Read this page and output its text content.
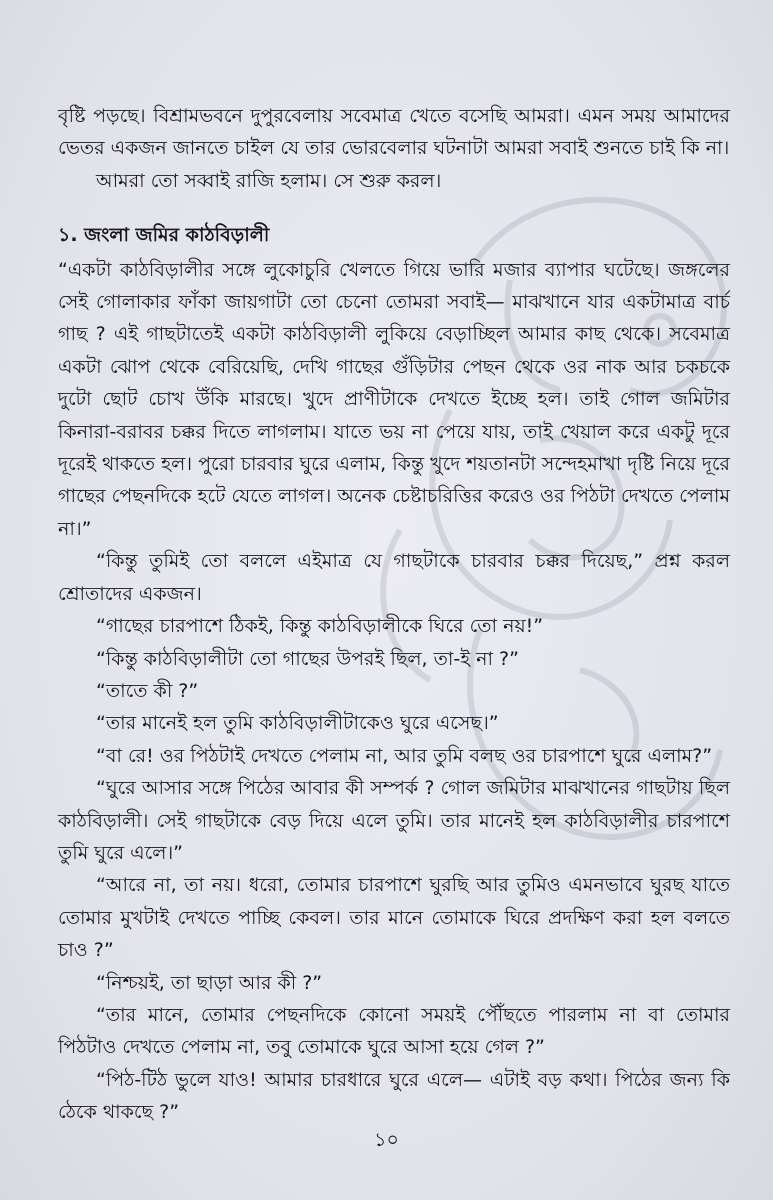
বৃষ্টি পড়ছে। বিশ্রামভবনে দুপুরবেলায় সবেমাত্র খেতে বসেছি আমরা। এমন সময় আমাদের ভেতর একজন জানতে চাইল যে তার ভোরবেলার ঘটনাটা আমরা সবাই শুনতে চাই কি না।

আমরা তো সব্বাই রাজি হলাম। সে শুরু করল।

১. জংলা জমির কাঠবিড়ালী

“একটা কাঠবিড়ালীর সঙ্গে লুকোচুরি খেলতে গিয়ে ভারি মজার ব্যাপার ঘটেছে। জঙ্গলের সেই গোলাকার ফাঁকা জায়গাটা তো চেনো তোমরা সবাই— মাঝখানে যার একটামাত্র বার্চ গাছ ? এই গাছটাতেই একটা কাঠবিড়ালী লুকিয়ে বেড়াচ্ছিল আমার কাছ থেকে। সবেমাত্র একটা ঝোপ থেকে বেরিয়েছি, দেখি গাছের গুঁড়িটার পেছন থেকে ওর নাক আর চকচকে দুটো ছোট চোখ উঁকি মারছে। খুদে প্রাণীটাকে দেখতে ইচ্ছে হল। তাই গোল জমিটার কিনারা-বরাবর চক্কর দিতে লাগলাম। যাতে ভয় না পেয়ে যায়, তাই খেয়াল করে একটু দূরে দূরেই থাকতে হল। পুরো চারবার ঘুরে এলাম, কিন্তু খুদে শয়তানটা সন্দেহমাখা দৃষ্টি নিয়ে দূরে গাছের পেছনদিকে হটে যেতে লাগল। অনেক চেষ্টাচরিত্তির করেও ওর পিঠটা দেখতে পেলাম না।”

“কিন্তু তুমিই তো বললে এইমাত্র যে গাছটাকে চারবার চক্কর দিয়েছ,” প্রশ্ন করল শ্রোতাদের একজন।

“গাছের চারপাশে ঠিকই, কিন্তু কাঠবিড়ালীকে ঘিরে তো নয়!”

“কিন্তু কাঠবিড়ালীটা তো গাছের উপরই ছিল, তা-ই না ?”

“তাতে কী ?”

“তার মানেই হল তুমি কাঠবিড়ালীটাকেও ঘুরে এসেছ।”

“বা রে! ওর পিঠটাই দেখতে পেলাম না, আর তুমি বলছ ওর চারপাশে ঘুরে এলাম?”

“ঘুরে আসার সঙ্গে পিঠের আবার কী সম্পর্ক ? গোল জমিটার মাঝখানের গাছটায় ছিল কাঠবিড়ালী। সেই গাছটাকে বেড় দিয়ে এলে তুমি। তার মানেই হল কাঠবিড়ালীর চারপাশে তুমি ঘুরে এলে।”

“আরে না, তা নয়। ধরো, তোমার চারপাশে ঘুরছি আর তুমিও এমনভাবে ঘুরছ যাতে তোমার মুখটাই দেখতে পাচ্ছি কেবল। তার মানে তোমাকে ঘিরে প্রদক্ষিণ করা হল বলতে চাও ?”

“নিশ্চয়ই, তা ছাড়া আর কী ?”

“তার মানে, তোমার পেছনদিকে কোনো সময়ই পৌঁছতে পারলাম না বা তোমার পিঠটাও দেখতে পেলাম না, তবু তোমাকে ঘুরে আসা হয়ে গেল ?”

“পিঠ-টিঠ ভুলে যাও! আমার চারধারে ঘুরে এলে— এটাই বড় কথা। পিঠের জন্য কি ঠেকে থাকছে ?”

১০
